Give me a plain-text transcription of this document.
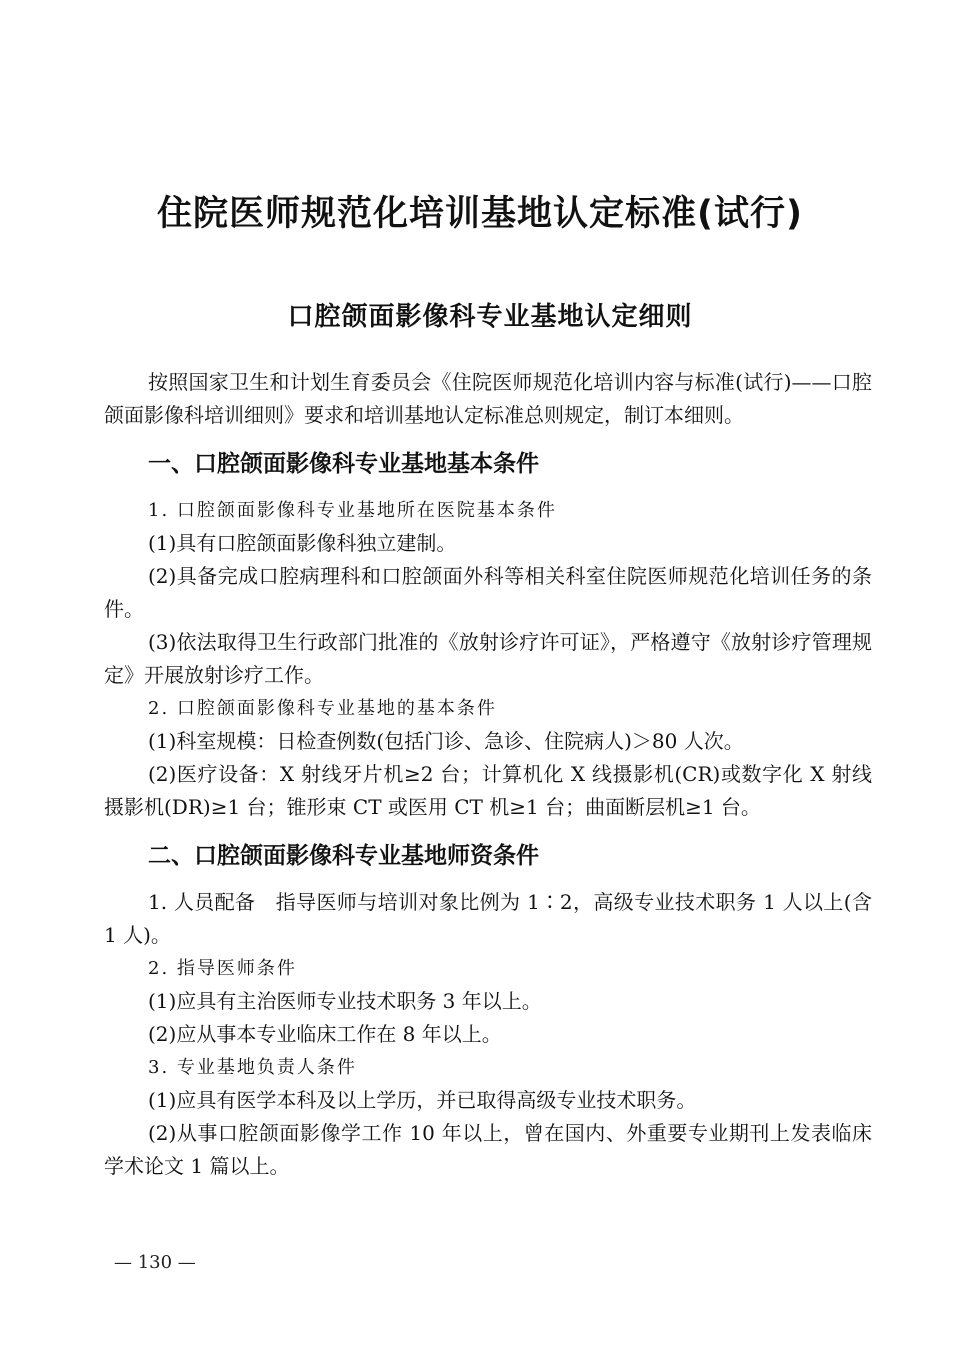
住院医师规范化培训基地认定标准(试行)
口腔颌面影像科专业基地认定细则

按照国家卫生和计划生育委员会《住院医师规范化培训内容与标准(试行)——口腔颌面影像科培训细则》要求和培训基地认定标准总则规定，制订本细则。

一、口腔颌面影像科专业基地基本条件

1. 口腔颌面影像科专业基地所在医院基本条件

(1)具有口腔颌面影像科独立建制。

(2)具备完成口腔病理科和口腔颌面外科等相关科室住院医师规范化培训任务的条件。

(3)依法取得卫生行政部门批准的《放射诊疗许可证》，严格遵守《放射诊疗管理规定》开展放射诊疗工作。

2. 口腔颌面影像科专业基地的基本条件

(1)科室规模：日检查例数(包括门诊、急诊、住院病人)＞80 人次。

(2)医疗设备：X 射线牙片机≥2 台；计算机化 X 线摄影机(CR)或数字化 X 射线摄影机(DR)≥1 台；锥形束 CT 或医用 CT 机≥1 台；曲面断层机≥1 台。

二、口腔颌面影像科专业基地师资条件

1. 人员配备　指导医师与培训对象比例为 1∶2，高级专业技术职务 1 人以上(含 1 人)。

2. 指导医师条件

(1)应具有主治医师专业技术职务 3 年以上。

(2)应从事本专业临床工作在 8 年以上。

3. 专业基地负责人条件

(1)应具有医学本科及以上学历，并已取得高级专业技术职务。

(2)从事口腔颌面影像学工作 10 年以上，曾在国内、外重要专业期刊上发表临床学术论文 1 篇以上。

— 130 —
